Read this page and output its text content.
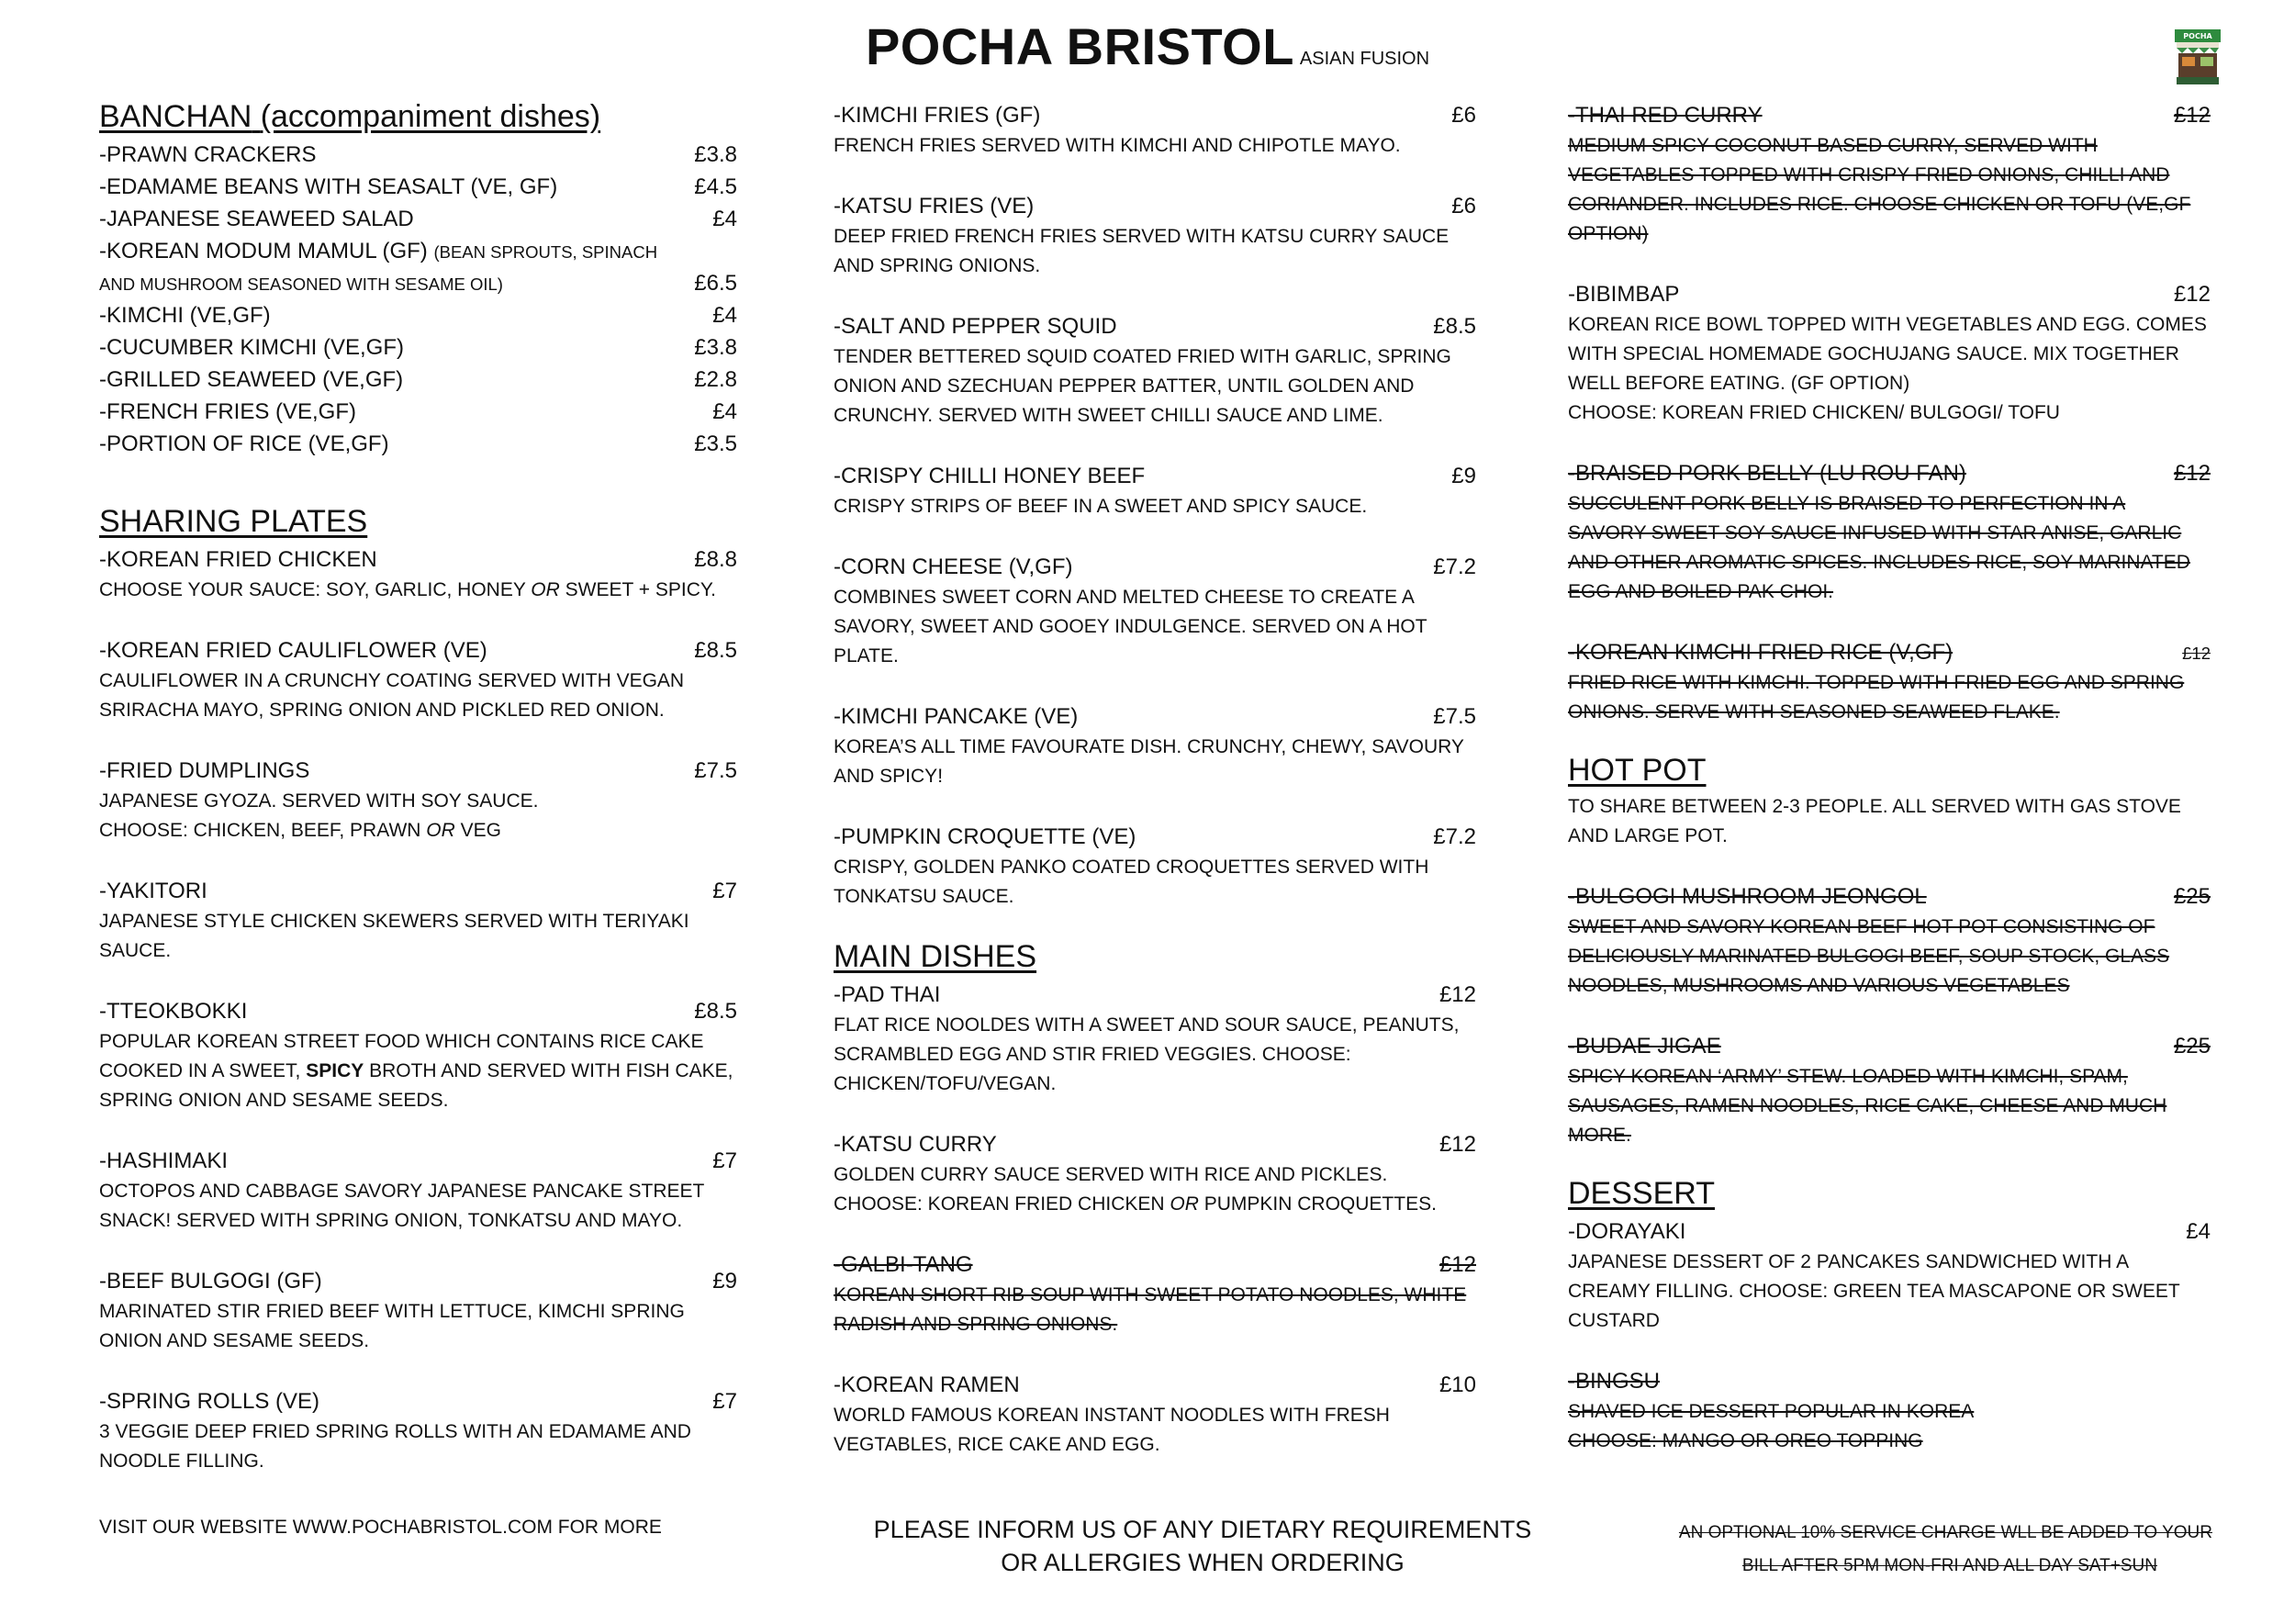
POCHA BRISTOL ASIAN FUSION
POCHA
BANCHAN (accompaniment dishes)
-PRAWN CRACKERS	£3.8
-EDAMAME BEANS WITH SEASALT (VE, GF)	£4.5
-JAPANESE SEAWEED SALAD	£4
-KOREAN MODUM MAMUL (GF) (BEAN SPROUTS, SPINACH
AND MUSHROOM SEASONED WITH SESAME OIL)	£6.5
-KIMCHI (VE,GF)	£4
-CUCUMBER KIMCHI (VE,GF)	£3.8
-GRILLED SEAWEED (VE,GF)	£2.8
-FRENCH FRIES (VE,GF)	£4
-PORTION OF RICE (VE,GF)	£3.5
SHARING PLATES
-KOREAN FRIED CHICKEN	£8.8

CHOOSE YOUR SAUCE: SOY, GARLIC, HONEY OR SWEET + SPICY.

-KOREAN FRIED CAULIFLOWER (VE)	£8.5

CAULIFLOWER IN A CRUNCHY COATING SERVED WITH VEGAN SRIRACHA MAYO, SPRING ONION AND PICKLED RED ONION.

-FRIED DUMPLINGS	£7.5

JAPANESE GYOZA. SERVED WITH SOY SAUCE.

CHOOSE: CHICKEN, BEEF, PRAWN OR VEG

-YAKITORI	£7

JAPANESE STYLE CHICKEN SKEWERS SERVED WITH TERIYAKI SAUCE.

-TTEOKBOKKI	£8.5

POPULAR KOREAN STREET FOOD WHICH CONTAINS RICE CAKE COOKED IN A SWEET, SPICY BROTH AND SERVED WITH FISH CAKE, SPRING ONION AND SESAME SEEDS.

-HASHIMAKI	£7

OCTOPOS AND CABBAGE SAVORY JAPANESE PANCAKE STREET SNACK! SERVED WITH SPRING ONION, TONKATSU AND MAYO.

-BEEF BULGOGI (GF)	£9

MARINATED STIR FRIED BEEF WITH LETTUCE, KIMCHI SPRING ONION AND SESAME SEEDS.

-SPRING ROLLS (VE)	£7

3 VEGGIE DEEP FRIED SPRING ROLLS WITH AN EDAMAME AND NOODLE FILLING.

-KIMCHI FRIES (GF)	£6

FRENCH FRIES SERVED WITH KIMCHI AND CHIPOTLE MAYO.

-KATSU FRIES (VE)	£6

DEEP FRIED FRENCH FRIES SERVED WITH KATSU CURRY SAUCE AND SPRING ONIONS.

-SALT AND PEPPER SQUID	£8.5

TENDER BETTERED SQUID COATED FRIED WITH GARLIC, SPRING ONION AND SZECHUAN PEPPER BATTER, UNTIL GOLDEN AND CRUNCHY. SERVED WITH SWEET CHILLI SAUCE AND LIME.

-CRISPY CHILLI HONEY BEEF	£9

CRISPY STRIPS OF BEEF IN A SWEET AND SPICY SAUCE.

-CORN CHEESE (V,GF)	£7.2

COMBINES SWEET CORN AND MELTED CHEESE TO CREATE A SAVORY, SWEET AND GOOEY INDULGENCE. SERVED ON A HOT PLATE.

-KIMCHI PANCAKE (VE)	£7.5

KOREA’S ALL TIME FAVOURATE DISH. CRUNCHY, CHEWY, SAVOURY AND SPICY!

-PUMPKIN CROQUETTE (VE)	£7.2

CRISPY, GOLDEN PANKO COATED CROQUETTES SERVED WITH TONKATSU SAUCE.

MAIN DISHES
-PAD THAI	£12

FLAT RICE NOOLDES WITH A SWEET AND SOUR SAUCE, PEANUTS, SCRAMBLED EGG AND STIR FRIED VEGGIES. CHOOSE: CHICKEN/TOFU/VEGAN.

-KATSU CURRY	£12

GOLDEN CURRY SAUCE SERVED WITH RICE AND PICKLES. CHOOSE: KOREAN FRIED CHICKEN OR PUMPKIN CROQUETTES.

-GALBI-TANG	£12

KOREAN SHORT RIB SOUP WITH SWEET POTATO NOODLES, WHITE RADISH AND SPRING ONIONS.

-KOREAN RAMEN	£10

WORLD FAMOUS KOREAN INSTANT NOODLES WITH FRESH VEGTABLES, RICE CAKE AND EGG.

-THAI RED CURRY	£12

MEDIUM SPICY COCONUT BASED CURRY, SERVED WITH VEGETABLES TOPPED WITH CRISPY FRIED ONIONS, CHILLI AND CORIANDER. INCLUDES RICE. CHOOSE CHICKEN OR TOFU (VE,GF OPTION)

-BIBIMBAP	£12

KOREAN RICE BOWL TOPPED WITH VEGETABLES AND EGG. COMES WITH SPECIAL HOMEMADE GOCHUJANG SAUCE. MIX TOGETHER WELL BEFORE EATING. (GF OPTION)

CHOOSE: KOREAN FRIED CHICKEN/ BULGOGI/ TOFU

-BRAISED PORK BELLY (LU ROU FAN)	£12

SUCCULENT PORK BELLY IS BRAISED TO PERFECTION IN A SAVORY-SWEET SOY SAUCE INFUSED WITH STAR ANISE, GARLIC AND OTHER AROMATIC SPICES. INCLUDES RICE, SOY MARINATED EGG AND BOILED PAK CHOI.

-KOREAN KIMCHI FRIED RICE (V,GF)	£12

FRIED RICE WITH KIMCHI. TOPPED WITH FRIED EGG AND SPRING ONIONS. SERVE WITH SEASONED SEAWEED FLAKE.

HOT POT

TO SHARE BETWEEN 2-3 PEOPLE. ALL SERVED WITH GAS STOVE AND LARGE POT.

-BULGOGI MUSHROOM JEONGOL	£25

SWEET AND SAVORY KOREAN BEEF HOT POT CONSISTING OF DELICIOUSLY MARINATED BULGOGI BEEF, SOUP STOCK, GLASS NOODLES, MUSHROOMS AND VARIOUS VEGETABLES

-BUDAE JIGAE	£25

SPICY KOREAN ‘ARMY’ STEW. LOADED WITH KIMCHI, SPAM, SAUSAGES, RAMEN NOODLES, RICE CAKE, CHEESE AND MUCH MORE.

DESSERT
-DORAYAKI	£4

JAPANESE DESSERT OF 2 PANCAKES SANDWICHED WITH A CREAMY FILLING. CHOOSE: GREEN TEA MASCAPONE OR SWEET CUSTARD

-BINGSU

SHAVED ICE DESSERT POPULAR IN KOREA

CHOOSE: MANGO OR OREO TOPPING

VISIT OUR WEBSITE WWW.POCHABRISTOL.COM FOR MORE	PLEASE INFORM US OF ANY DIETARY REQUIREMENTS
OR ALLERGIES WHEN ORDERING
AN OPTIONAL 10% SERVICE CHARGE WLL BE ADDED TO YOUR
BILL AFTER 5PM MON-FRI AND ALL DAY SAT+SUN
